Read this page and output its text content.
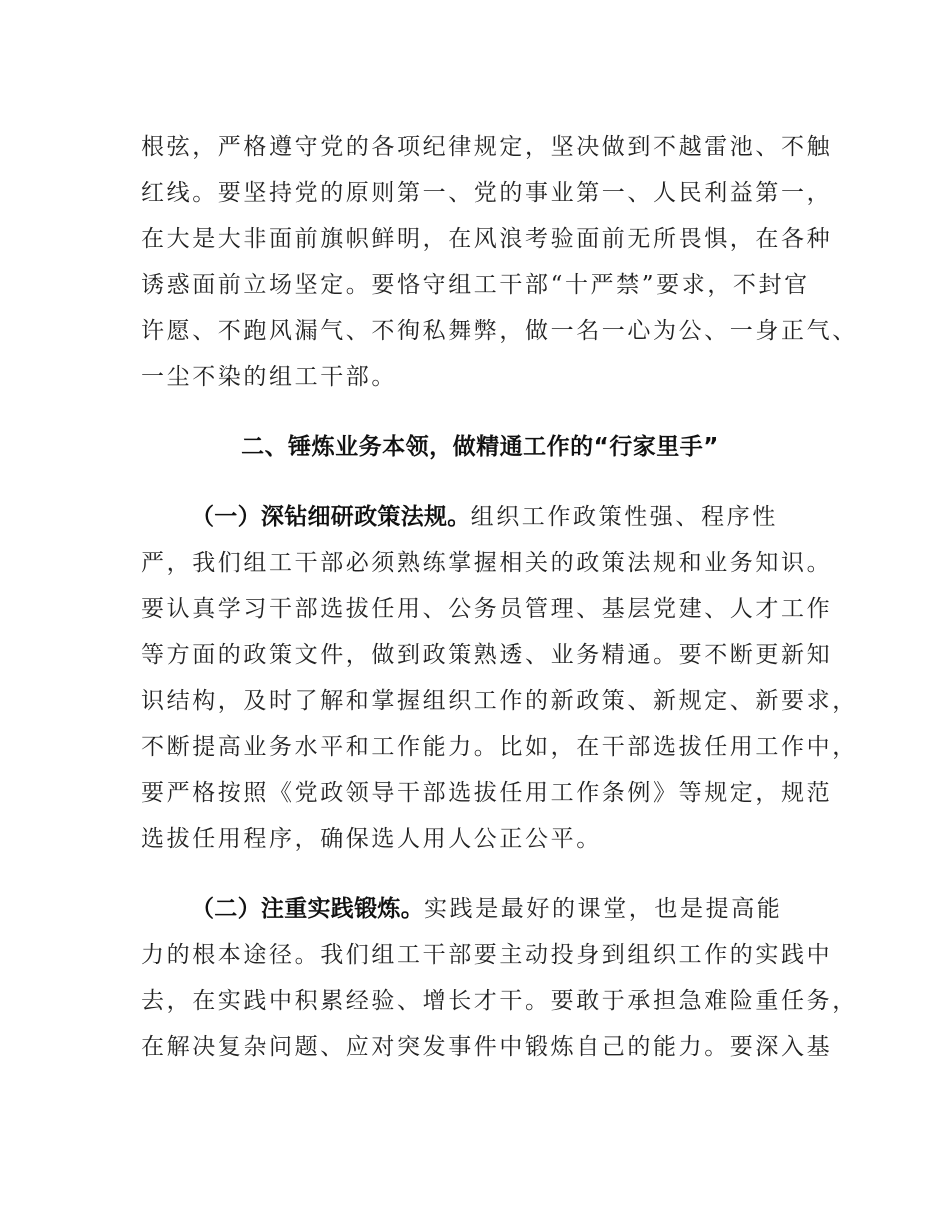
根弦，严格遵守党的各项纪律规定，坚决做到不越雷池、不触

红线。要坚持党的原则第一、党的事业第一、人民利益第一，

在大是大非面前旗帜鲜明，在风浪考验面前无所畏惧，在各种

诱惑面前立场坚定。要恪守组工干部“十严禁”要求，不封官

许愿、不跑风漏气、不徇私舞弊，做一名一心为公、一身正气、

一尘不染的组工干部。

二、锤炼业务本领，做精通工作的“行家里手”

（一）深钻细研政策法规。组织工作政策性强、程序性

严，我们组工干部必须熟练掌握相关的政策法规和业务知识。

要认真学习干部选拔任用、公务员管理、基层党建、人才工作

等方面的政策文件，做到政策熟透、业务精通。要不断更新知

识结构，及时了解和掌握组织工作的新政策、新规定、新要求，

不断提高业务水平和工作能力。比如，在干部选拔任用工作中，

要严格按照《党政领导干部选拔任用工作条例》等规定，规范

选拔任用程序，确保选人用人公正公平。

（二）注重实践锻炼。实践是最好的课堂，也是提高能

力的根本途径。我们组工干部要主动投身到组织工作的实践中

去，在实践中积累经验、增长才干。要敢于承担急难险重任务，

在解决复杂问题、应对突发事件中锻炼自己的能力。要深入基
